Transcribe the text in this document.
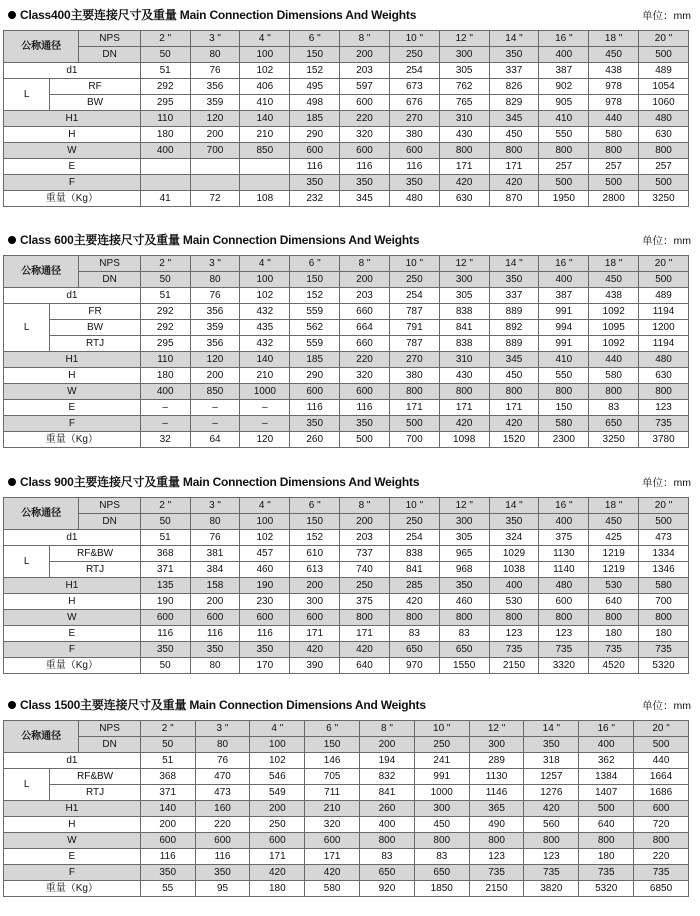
Class400主要连接尺寸及重量 Main Connection Dimensions And Weights	单位：mm
公称通径		NPS	2 "	3 "	4 "	6 "	8 "	10 "	12 "	14 "	16 "	18 "	20 "
		DN	50	80	100	150	200	250	300	350	400	450	500
d1			51	76	102	152	203	254	305	337	387	438	489
L	RF		292	356	406	495	597	673	762	826	902	978	1054
	BW		295	359	410	498	600	676	765	829	905	978	1060
H1			110	120	140	185	220	270	310	345	410	440	480
H			180	200	210	290	320	380	430	450	550	580	630
W			400	700	850	600	600	600	800	800	800	800	800
E						116	116	116	171	171	257	257	257
F						350	350	350	420	420	500	500	500
重量（Kg）			41	72	108	232	345	480	630	870	1950	2800	3250
Class 600主要连接尺寸及重量 Main Connection Dimensions And Weights	单位：mm
公称通径		NPS	2 "	3 "	4 "	6 "	8 "	10 "	12 "	14 "	16 "	18 "	20 "
		DN	50	80	100	150	200	250	300	350	400	450	500
d1			51	76	102	152	203	254	305	337	387	438	489
L	FR		292	356	432	559	660	787	838	889	991	1092	1194
	BW		292	359	435	562	664	791	841	892	994	1095	1200
	RTJ		295	356	432	559	660	787	838	889	991	1092	1194
H1			110	120	140	185	220	270	310	345	410	440	480
H			180	200	210	290	320	380	430	450	550	580	630
W			400	850	1000	600	600	800	800	800	800	800	800
E			–	–	–	116	116	171	171	171	150	83	123
F			–	–	–	350	350	500	420	420	580	650	735
重量（Kg）			32	64	120	260	500	700	1098	1520	2300	3250	3780
Class 900主要连接尺寸及重量 Main Connection Dimensions And Weights	单位：mm
公称通径		NPS	2 "	3 "	4 "	6 "	8 "	10 "	12 "	14 "	16 "	18 "	20 "
		DN	50	80	100	150	200	250	300	350	400	450	500
d1			51	76	102	152	203	254	305	324	375	425	473
L	RF&BW		368	381	457	610	737	838	965	1029	1130	1219	1334
	RTJ		371	384	460	613	740	841	968	1038	1140	1219	1346
H1			135	158	190	200	250	285	350	400	480	530	580
H			190	200	230	300	375	420	460	530	600	640	700
W			600	600	600	600	800	800	800	800	800	800	800
E			116	116	116	171	171	83	83	123	123	180	180
F			350	350	350	420	420	650	650	735	735	735	735
重量（Kg）			50	80	170	390	640	970	1550	2150	3320	4520	5320
Class 1500主要连接尺寸及重量 Main Connection Dimensions And Weights	单位：mm
公称通径		NPS	2 "	3 "	4 "	6 "	8 "	10 "	12 "	14 "	16 "	20 "
		DN	50	80	100	150	200	250	300	350	400	500
d1			51	76	102	146	194	241	289	318	362	440
L	RF&BW		368	470	546	705	832	991	1130	1257	1384	1664
	RTJ		371	473	549	711	841	1000	1146	1276	1407	1686
H1			140	160	200	210	260	300	365	420	500	600
H			200	220	250	320	400	450	490	560	640	720
W			600	600	600	600	800	800	800	800	800	800
E			116	116	171	171	83	83	123	123	180	220
F			350	350	420	420	650	650	735	735	735	735
重量（Kg）			55	95	180	580	920	1850	2150	3820	5320	6850
